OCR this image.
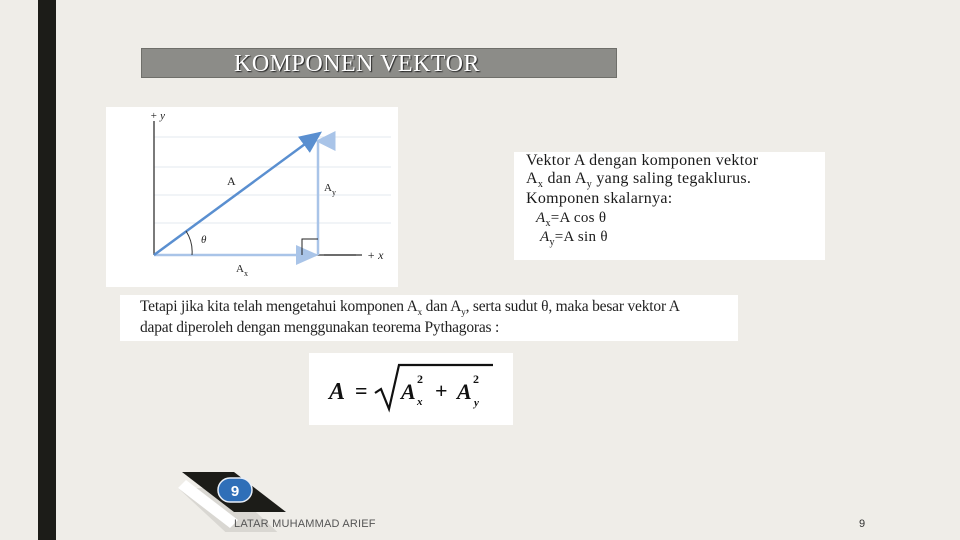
KOMPONEN VEKTOR
+ y
+ x
A
θ
$A_y$
$A_x$
Vektor A dengan komponen vektor
$A_x$ dan $A_y$ yang saling tegaklurus.
Komponen skalarnya:
$A_x=A$ cos θ
$A_y=A$ sin θ
Tetapi jika kita telah mengetahui komponen $A_x$ dan $A_y$, serta sudut θ, maka besar vektor A
dapat diperoleh dengan menggunakan teorema Pythagoras :
A = A 2
x + A 2
y
9
LATAR MUHAMMAD ARIEF	9
